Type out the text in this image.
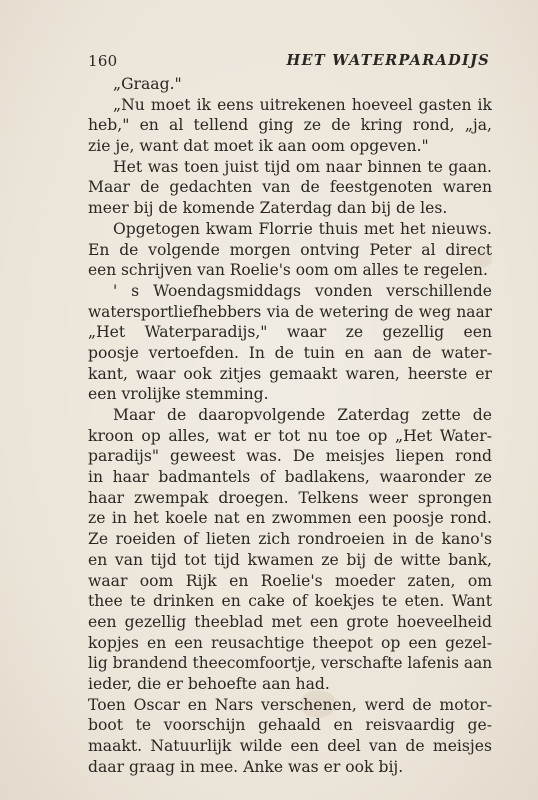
160	HET WATERPARADIJS
„Graag."
„Nu moet ik eens uitrekenen hoeveel gasten ik
heb," en al tellend ging ze de kring rond, „ja,
zie je, want dat moet ik aan oom opgeven."
Het was toen juist tijd om naar binnen te gaan.
Maar de gedachten van de feestgenoten waren
meer bij de komende Zaterdag dan bij de les.
Opgetogen kwam Florrie thuis met het nieuws.
En de volgende morgen ontving Peter al direct
een schrijven van Roelie's oom om alles te regelen.
' s Woendagsmiddags vonden verschillende
watersportliefhebbers via de wetering de weg naar
„Het Waterparadijs," waar ze gezellig een
poosje vertoefden. In de tuin en aan de water-
kant, waar ook zitjes gemaakt waren, heerste er
een vrolijke stemming.
Maar de daaropvolgende Zaterdag zette de
kroon op alles, wat er tot nu toe op „Het Water-
paradijs" geweest was. De meisjes liepen rond
in haar badmantels of badlakens, waaronder ze
haar zwempak droegen. Telkens weer sprongen
ze in het koele nat en zwommen een poosje rond.
Ze roeiden of lieten zich rondroeien in de kano's
en van tijd tot tijd kwamen ze bij de witte bank,
waar oom Rijk en Roelie's moeder zaten, om
thee te drinken en cake of koekjes te eten. Want
een gezellig theeblad met een grote hoeveelheid
kopjes en een reusachtige theepot op een gezel-
lig brandend theecomfoortje, verschafte lafenis aan
ieder, die er behoefte aan had.
Toen Oscar en Nars verschenen, werd de motor-
boot te voorschijn gehaald en reisvaardig ge-
maakt. Natuurlijk wilde een deel van de meisjes
daar graag in mee. Anke was er ook bij.
